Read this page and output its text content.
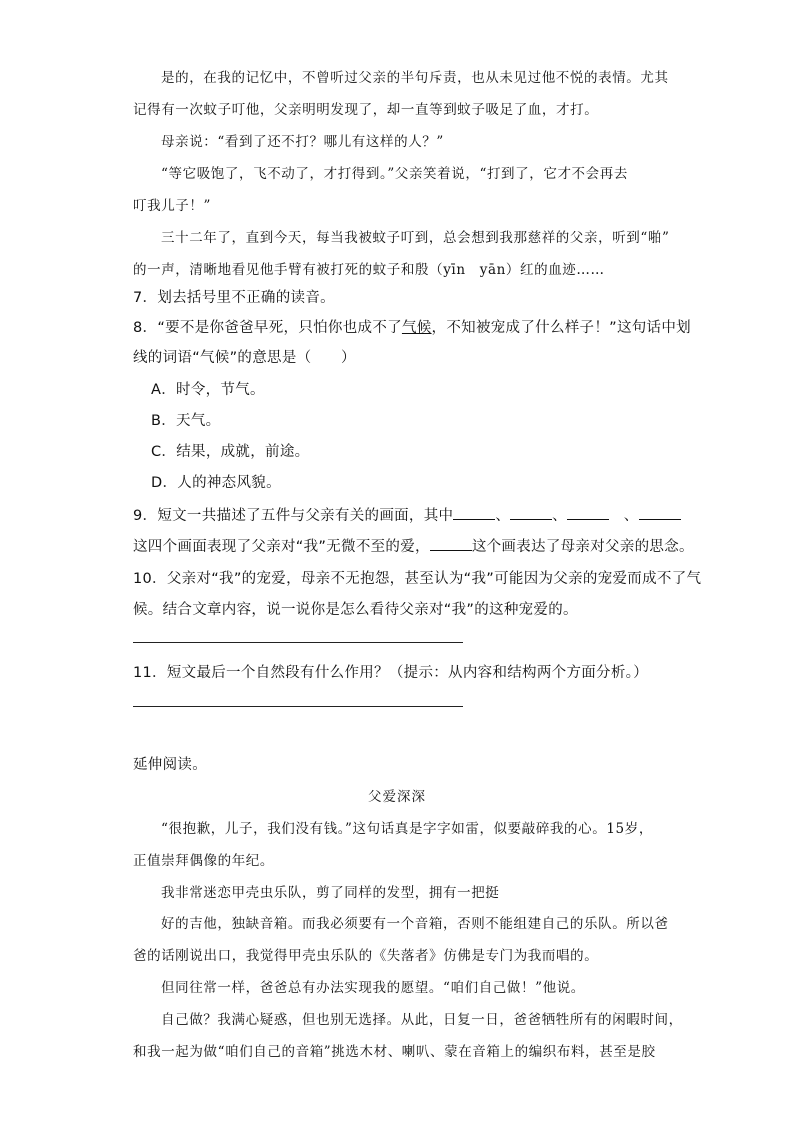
是的，在我的记忆中，不曾听过父亲的半句斥责，也从未见过他不悦的表情。尤其
记得有一次蚊子叮他，父亲明明发现了，却一直等到蚊子吸足了血，才打。
母亲说：“看到了还不打？哪儿有这样的人？”
“等它吸饱了，飞不动了，才打得到。”父亲笑着说，“打到了，它才不会再去
叮我儿子！”
三十二年了，直到今天，每当我被蚊子叮到，总会想到我那慈祥的父亲，听到“啪”
的一声，清晰地看见他手臂有被打死的蚊子和殷（yīn　yān）红的血迹……
7．划去括号里不正确的读音。
8．“要不是你爸爸早死，只怕你也成不了气候，不知被宠成了什么样子！”这句话中划
线的词语“气候”的意思是（　　）
A．时令，节气。
B．天气。
C．结果，成就，前途。
D．人的神态风貌。
9．短文一共描述了五件与父亲有关的画面，其中	、	、	　、
这四个画面表现了父亲对“我”无微不至的爱，	这个画表达了母亲对父亲的思念。
10．父亲对“我”的宠爱，母亲不无抱怨，甚至认为“我”可能因为父亲的宠爱而成不了气
候。结合文章内容，说一说你是怎么看待父亲对“我”的这种宠爱的。
11．短文最后一个自然段有什么作用？（提示：从内容和结构两个方面分析。）
延伸阅读。
父爱深深
“很抱歉，儿子，我们没有钱。”这句话真是字字如雷，似要敲碎我的心。15岁，
正值崇拜偶像的年纪。
我非常迷恋甲壳虫乐队，剪了同样的发型，拥有一把挺
好的吉他，独缺音箱。而我必须要有一个音箱，否则不能组建自己的乐队。所以爸
爸的话刚说出口，我觉得甲壳虫乐队的《失落者》仿佛是专门为我而唱的。
但同往常一样，爸爸总有办法实现我的愿望。“咱们自己做！”他说。
自己做？我满心疑惑，但也别无选择。从此，日复一日，爸爸牺牲所有的闲暇时间，
和我一起为做“咱们自己的音箱”挑选木材、喇叭、蒙在音箱上的编织布料，甚至是胶
